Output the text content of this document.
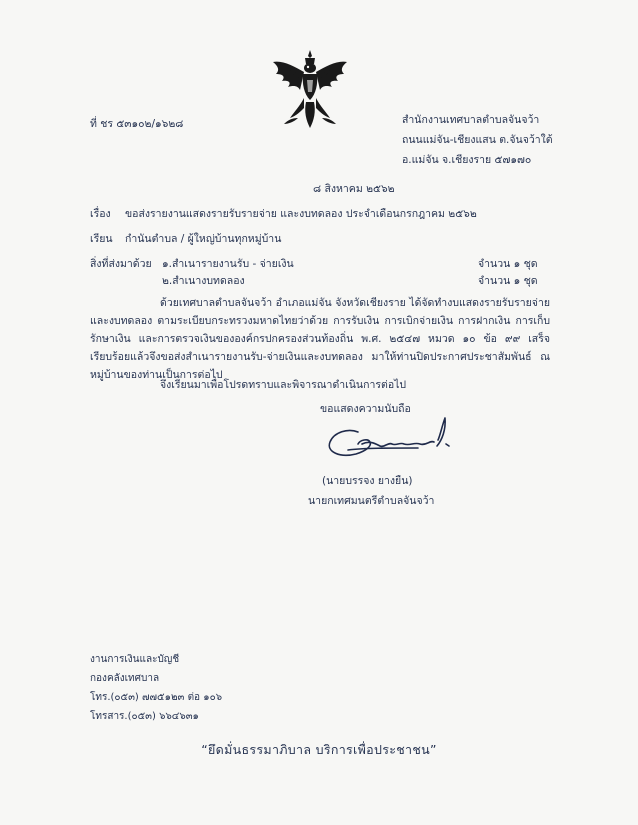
ที่ ชร ๕๓๑๐๒/๑๖๒๘	สำนักงานเทศบาลตำบลจันจว้า
ถนนแม่จัน-เชียงแสน ต.จันจว้าใต้
อ.แม่จัน จ.เชียงราย ๕๗๑๗๐
๘ สิงหาคม ๒๕๖๒
เรื่อง ขอส่งรายงานแสดงรายรับรายจ่าย และงบทดลอง ประจำเดือนกรกฎาคม ๒๕๖๒
เรียน กำนันตำบล / ผู้ใหญ่บ้านทุกหมู่บ้าน
สิ่งที่ส่งมาด้วย ๑.สำเนารายงานรับ - จ่ายเงิน	จำนวน ๑ ชุด
๒.สำเนางบทดลอง	จำนวน ๑ ชุด
ด้วยเทศบาลตำบลจันจว้า อำเภอแม่จัน จังหวัดเชียงราย ได้จัดทำงบแสดงรายรับรายจ่าย และงบทดลอง ตามระเบียบกระทรวงมหาดไทยว่าด้วย การรับเงิน การเบิกจ่ายเงิน การฝากเงิน การเก็บรักษาเงิน และการตรวจเงินขององค์กรปกครองส่วนท้องถิ่น พ.ศ. ๒๕๔๗ หมวด ๑๐ ข้อ ๙๙ เสร็จเรียบร้อยแล้วจึงขอส่งสำเนารายงานรับ-จ่ายเงินและงบทดลอง มาให้ท่านปิดประกาศประชาสัมพันธ์ ณ หมู่บ้านของท่านเป็นการต่อไป
จึงเรียนมาเพื่อโปรดทราบและพิจารณาดำเนินการต่อไป
ขอแสดงความนับถือ
(นายบรรจง ยางยืน)
นายกเทศมนตรีตำบลจันจว้า
งานการเงินและบัญชี
กองคลังเทศบาล
โทร.(๐๕๓) ๗๗๕๑๒๓ ต่อ ๑๐๖
โทรสาร.(๐๕๓) ๖๖๔๖๓๑
“ยึดมั่นธรรมาภิบาล บริการเพื่อประชาชน”
